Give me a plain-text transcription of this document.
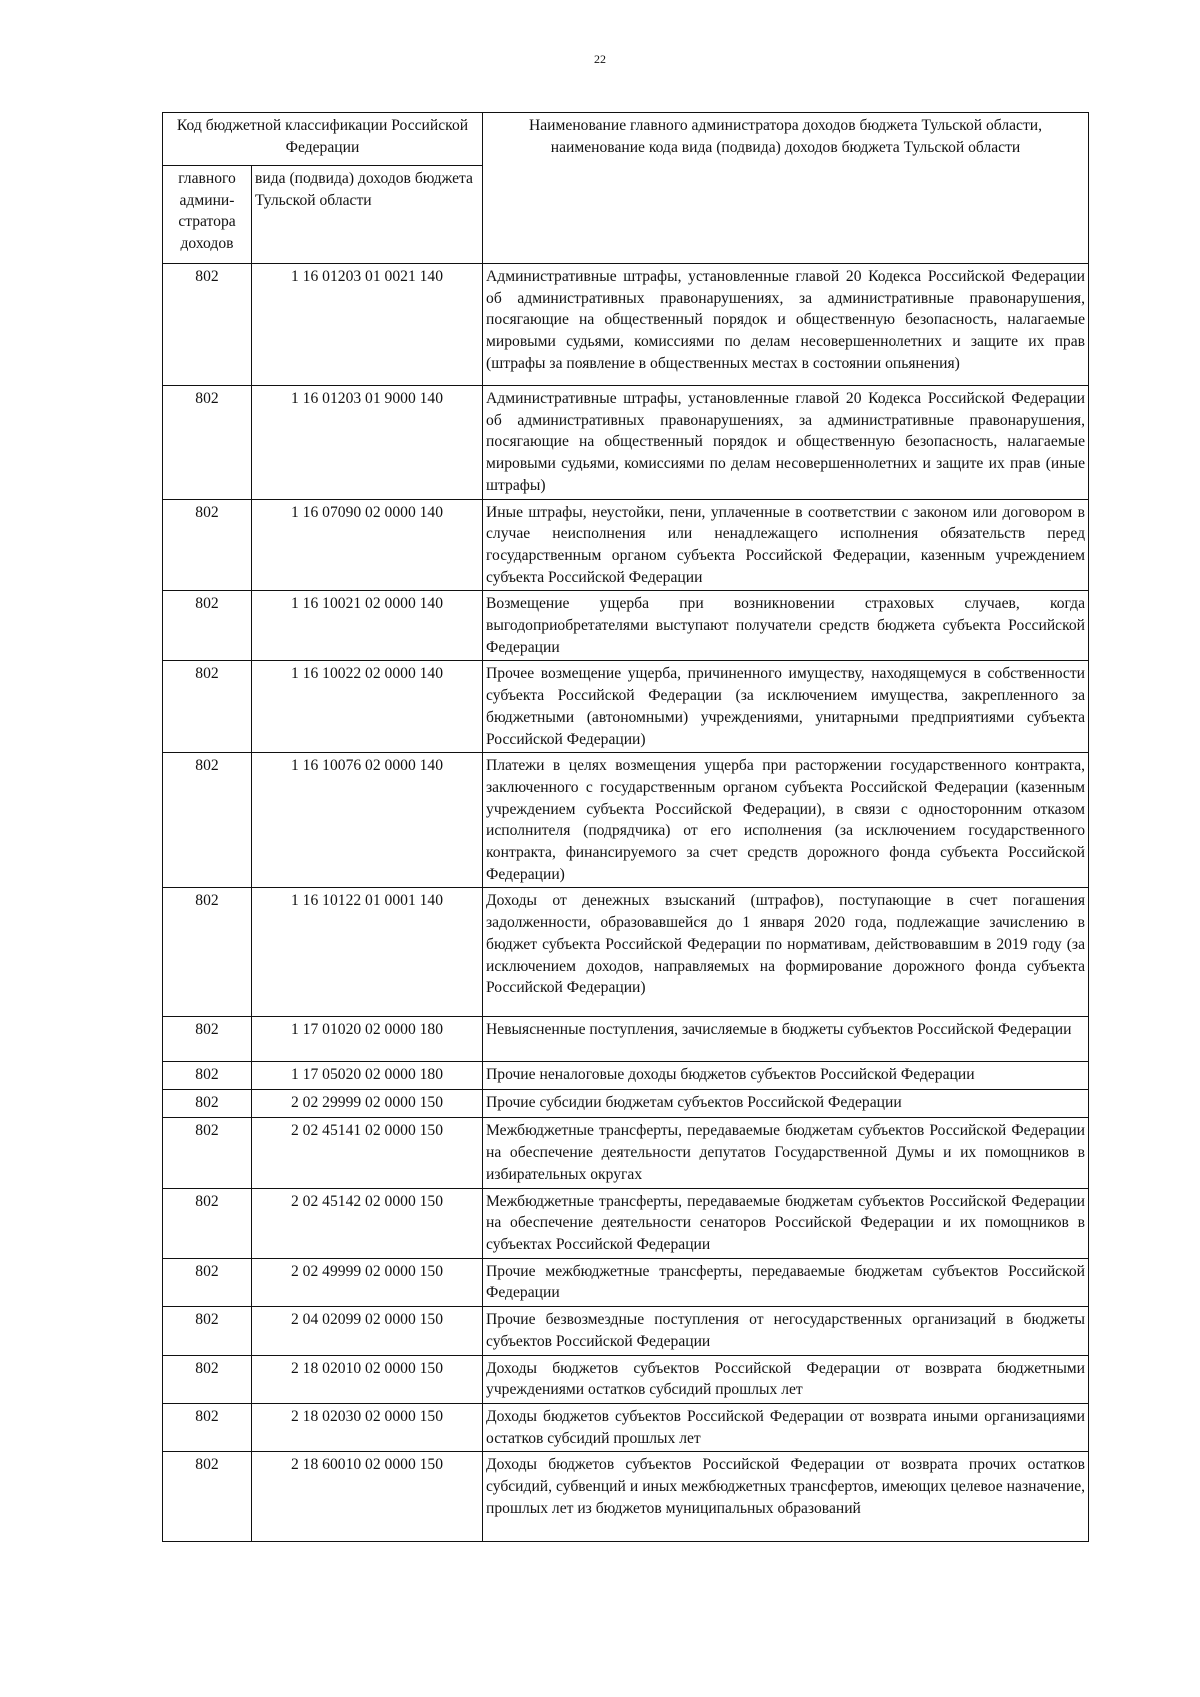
22
Код бюджетной классификации Российской Федерации		Наименование главного администратора доходов бюджета Тульской области, наименование кода вида (подвида) доходов бюджета Тульской области
главного админи- стратора доходов	вида (подвида) доходов бюджета Тульской области	
802	1 16 01203 01 0021 140	Административные штрафы, установленные главой 20 Кодекса Российской Федерации об административных правонарушениях, за административные правонарушения, посягающие на общественный порядок и общественную безопасность, налагаемые мировыми судьями, комиссиями по делам несовершеннолетних и защите их прав (штрафы за появление в общественных местах в состоянии опьянения)
802	1 16 01203 01 9000 140	Административные штрафы, установленные главой 20 Кодекса Российской Федерации об административных правонарушениях, за административные правонарушения, посягающие на общественный порядок и общественную безопасность, налагаемые мировыми судьями, комиссиями по делам несовершеннолетних и защите их прав (иные штрафы)
802	1 16 07090 02 0000 140	Иные штрафы, неустойки, пени, уплаченные в соответствии с законом или договором в случае неисполнения или ненадлежащего исполнения обязательств перед государственным органом субъекта Российской Федерации, казенным учреждением субъекта Российской Федерации
802	1 16 10021 02 0000 140	Возмещение ущерба при возникновении страховых случаев, когда выгодоприобретателями выступают получатели средств бюджета субъекта Российской Федерации
802	1 16 10022 02 0000 140	Прочее возмещение ущерба, причиненного имуществу, находящемуся в собственности субъекта Российской Федерации (за исключением имущества, закрепленного за бюджетными (автономными) учреждениями, унитарными предприятиями субъекта Российской Федерации)
802	1 16 10076 02 0000 140	Платежи в целях возмещения ущерба при расторжении государственного контракта, заключенного с государственным органом субъекта Российской Федерации (казенным учреждением субъекта Российской Федерации), в связи с односторонним отказом исполнителя (подрядчика) от его исполнения (за исключением государственного контракта, финансируемого за счет средств дорожного фонда субъекта Российской Федерации)
802	1 16 10122 01 0001 140	Доходы от денежных взысканий (штрафов), поступающие в счет погашения задолженности, образовавшейся до 1 января 2020 года, подлежащие зачислению в бюджет субъекта Российской Федерации по нормативам, действовавшим в 2019 году (за исключением доходов, направляемых на формирование дорожного фонда субъекта Российской Федерации)
802	1 17 01020 02 0000 180	Невыясненные поступления, зачисляемые в бюджеты субъектов Российской Федерации
802	1 17 05020 02 0000 180	Прочие неналоговые доходы бюджетов субъектов Российской Федерации
802	2 02 29999 02 0000 150	Прочие субсидии бюджетам субъектов Российской Федерации
802	2 02 45141 02 0000 150	Межбюджетные трансферты, передаваемые бюджетам субъектов Российской Федерации на обеспечение деятельности депутатов Государственной Думы и их помощников в избирательных округах
802	2 02 45142 02 0000 150	Межбюджетные трансферты, передаваемые бюджетам субъектов Российской Федерации на обеспечение деятельности сенаторов Российской Федерации и их помощников в субъектах Российской Федерации
802	2 02 49999 02 0000 150	Прочие межбюджетные трансферты, передаваемые бюджетам субъектов Российской Федерации
802	2 04 02099 02 0000 150	Прочие безвозмездные поступления от негосударственных организаций в бюджеты субъектов Российской Федерации
802	2 18 02010 02 0000 150	Доходы бюджетов субъектов Российской Федерации от возврата бюджетными учреждениями остатков субсидий прошлых лет
802	2 18 02030 02 0000 150	Доходы бюджетов субъектов Российской Федерации от возврата иными организациями остатков субсидий прошлых лет
802	2 18 60010 02 0000 150	Доходы бюджетов субъектов Российской Федерации от возврата прочих остатков субсидий, субвенций и иных межбюджетных трансфертов, имеющих целевое назначение, прошлых лет из бюджетов муниципальных образований
